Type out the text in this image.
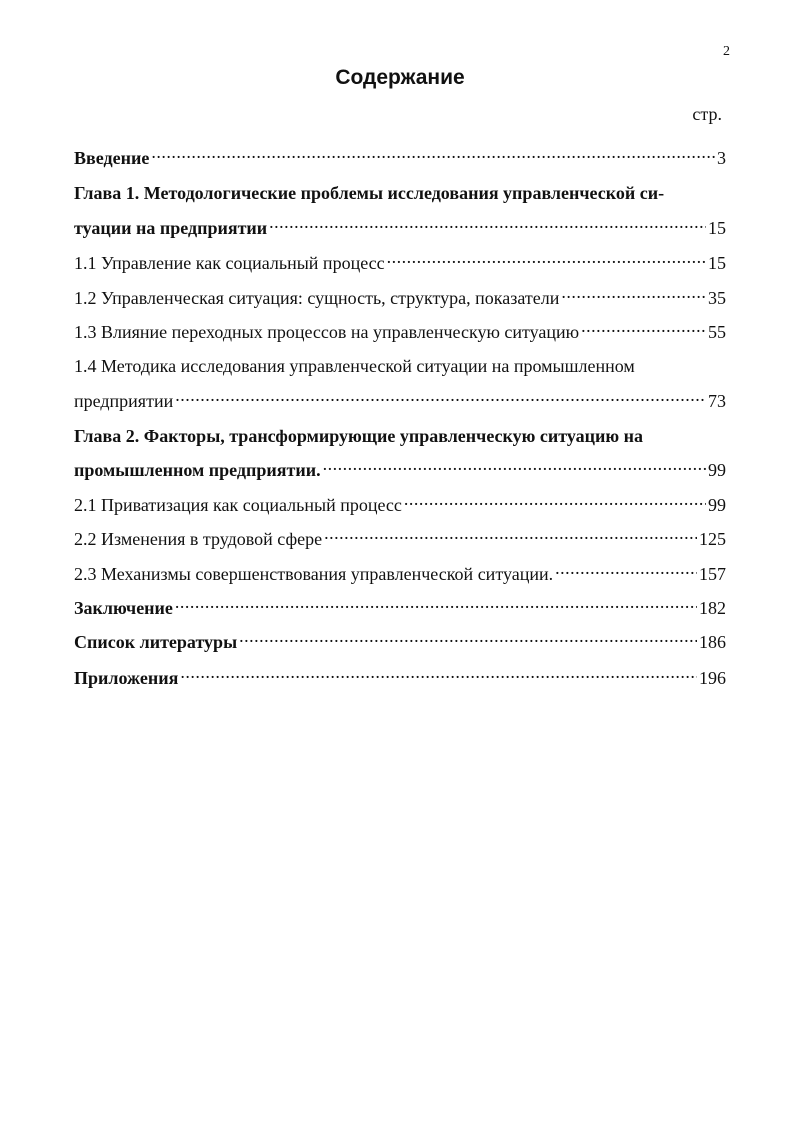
2
Содержание
стр.
Введение .....	3
Глава 1. Методологические проблемы исследования управленческой си-
туации на предприятии .....	15
1.1 Управление как социальный процесс .....	15
1.2 Управленческая ситуация: сущность, структура, показатели .....	35
1.3 Влияние переходных процессов на управленческую ситуацию .....	55
1.4 Методика исследования управленческой ситуации на промышленном
предприятии .....	73
Глава 2. Факторы, трансформирующие управленческую ситуацию на
промышленном предприятии. .....	99
2.1 Приватизация как социальный процесс .....	99
2.2 Изменения в трудовой сфере .....	125
2.3 Механизмы совершенствования управленческой ситуации. .....	157
Заключение .....	182
Список литературы .....	186
Приложения .....	196
